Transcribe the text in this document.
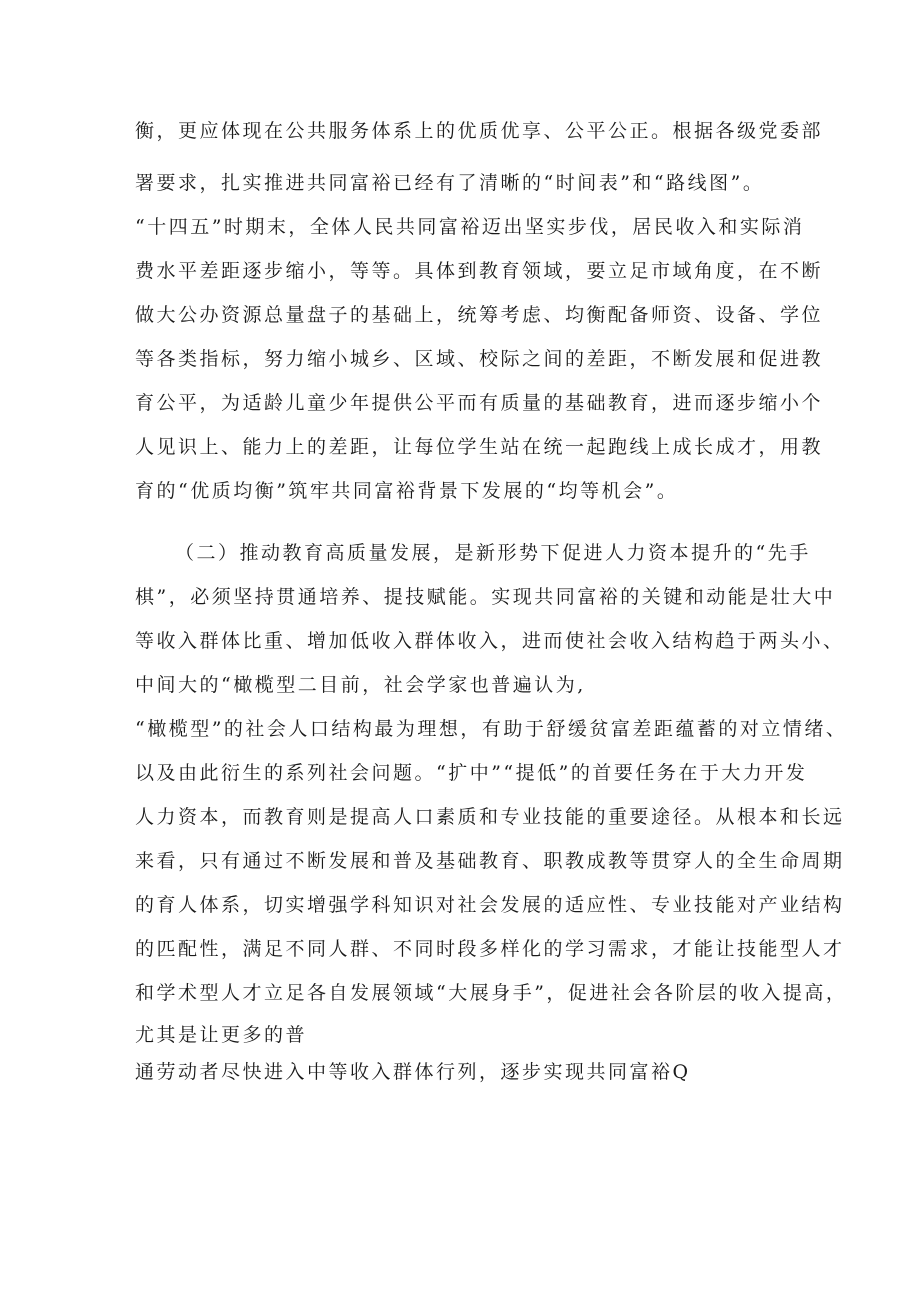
衡，更应体现在公共服务体系上的优质优享、公平公正。根据各级党委部
署要求，扎实推进共同富裕已经有了清晰的“时间表”和“路线图”。
“十四五”时期末，全体人民共同富裕迈出坚实步伐，居民收入和实际消
费水平差距逐步缩小，等等。具体到教育领域，要立足市域角度，在不断
做大公办资源总量盘子的基础上，统筹考虑、均衡配备师资、设备、学位
等各类指标，努力缩小城乡、区域、校际之间的差距，不断发展和促进教
育公平，为适龄儿童少年提供公平而有质量的基础教育，进而逐步缩小个
人见识上、能力上的差距，让每位学生站在统一起跑线上成长成才，用教
育的“优质均衡”筑牢共同富裕背景下发展的“均等机会”。
（二）推动教育高质量发展，是新形势下促进人力资本提升的“先手
棋”，必须坚持贯通培养、提技赋能。实现共同富裕的关键和动能是壮大中
等收入群体比重、增加低收入群体收入，进而使社会收入结构趋于两头小、
中间大的“橄榄型二目前，社会学家也普遍认为,
“橄榄型”的社会人口结构最为理想，有助于舒缓贫富差距蕴蓄的对立情绪、
以及由此衍生的系列社会问题。“扩中”“提低”的首要任务在于大力开发
人力资本，而教育则是提高人口素质和专业技能的重要途径。从根本和长远
来看，只有通过不断发展和普及基础教育、职教成教等贯穿人的全生命周期
的育人体系，切实增强学科知识对社会发展的适应性、专业技能对产业结构
的匹配性，满足不同人群、不同时段多样化的学习需求，才能让技能型人才
和学术型人才立足各自发展领域“大展身手”，促进社会各阶层的收入提高，
尤其是让更多的普
通劳动者尽快进入中等收入群体行列，逐步实现共同富裕Q
